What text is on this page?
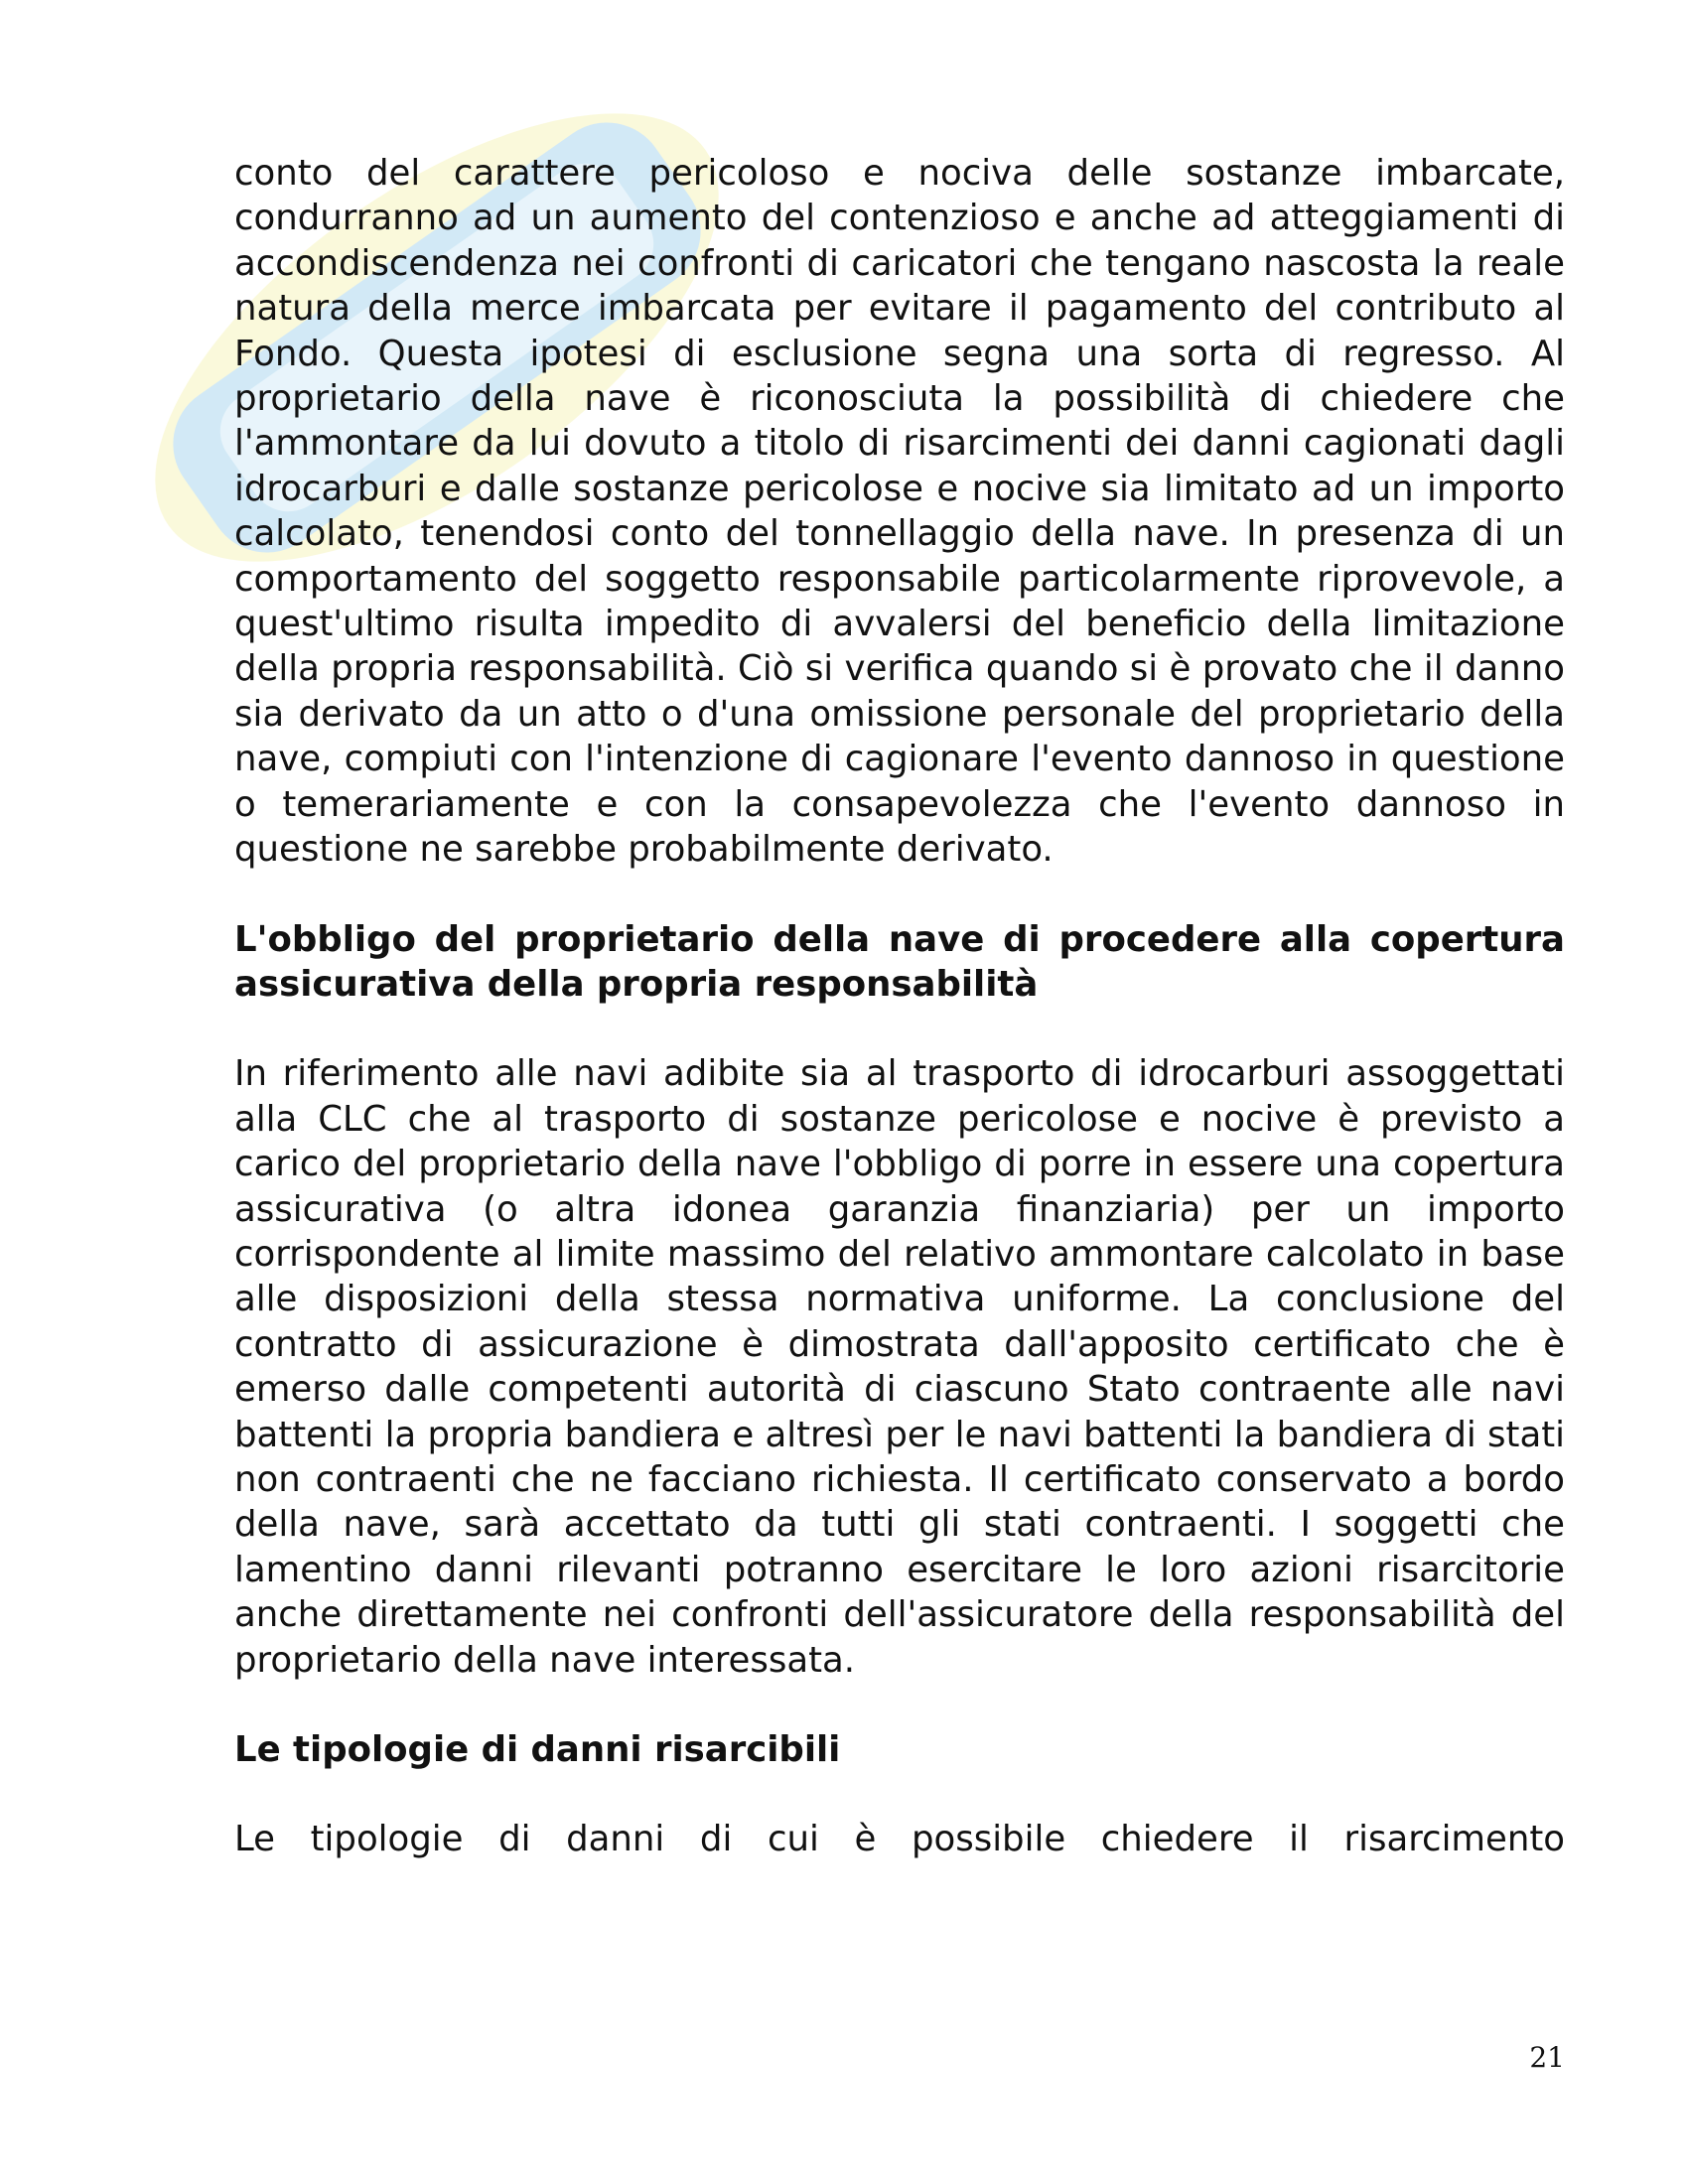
conto del carattere pericoloso e nociva delle sostanze imbarcate, condurranno ad un aumento del contenzioso e anche ad atteggiamenti di accondiscendenza nei confronti di caricatori che tengano nascosta la reale natura della merce imbarcata per evitare il pagamento del contributo al Fondo. Questa ipotesi di esclusione segna una sorta di regresso. Al proprietario della nave è riconosciuta la possibilità di chiedere che l'ammontare da lui dovuto a titolo di risarcimenti dei danni cagionati dagli idrocarburi e dalle sostanze pericolose e nocive sia limitato ad un importo calcolato, tenendosi conto del tonnellaggio della nave. In presenza di un comportamento del soggetto responsabile particolarmente riprovevole, a quest'ultimo risulta impedito di avvalersi del beneficio della limitazione della propria responsabilità. Ciò si verifica quando si è provato che il danno sia derivato da un atto o d'una omissione personale del proprietario della nave, compiuti con l'intenzione di cagionare l'evento dannoso in questione o temerariamente e con la consapevolezza che l'evento dannoso in questione ne sarebbe probabilmente derivato.

L'obbligo del proprietario della nave di procedere alla copertura assicurativa della propria responsabilità

In riferimento alle navi adibite sia al trasporto di idrocarburi assoggettati alla CLC che al trasporto di sostanze pericolose e nocive è previsto a carico del proprietario della nave l'obbligo di porre in essere una copertura assicurativa (o altra idonea garanzia finanziaria) per un importo corrispondente al limite massimo del relativo ammontare calcolato in base alle disposizioni della stessa normativa uniforme. La conclusione del contratto di assicurazione è dimostrata dall'apposito certificato che è emerso dalle competenti autorità di ciascuno Stato contraente alle navi battenti la propria bandiera e altresì per le navi battenti la bandiera di stati non contraenti che ne facciano richiesta. Il certificato conservato a bordo della nave, sarà accettato da tutti gli stati contraenti. I soggetti che lamentino danni rilevanti potranno esercitare le loro azioni risarcitorie anche direttamente nei confronti dell'assicuratore della responsabilità del proprietario della nave interessata.

Le tipologie di danni risarcibili

Le tipologie di danni di cui è possibile chiedere il risarcimento

21
